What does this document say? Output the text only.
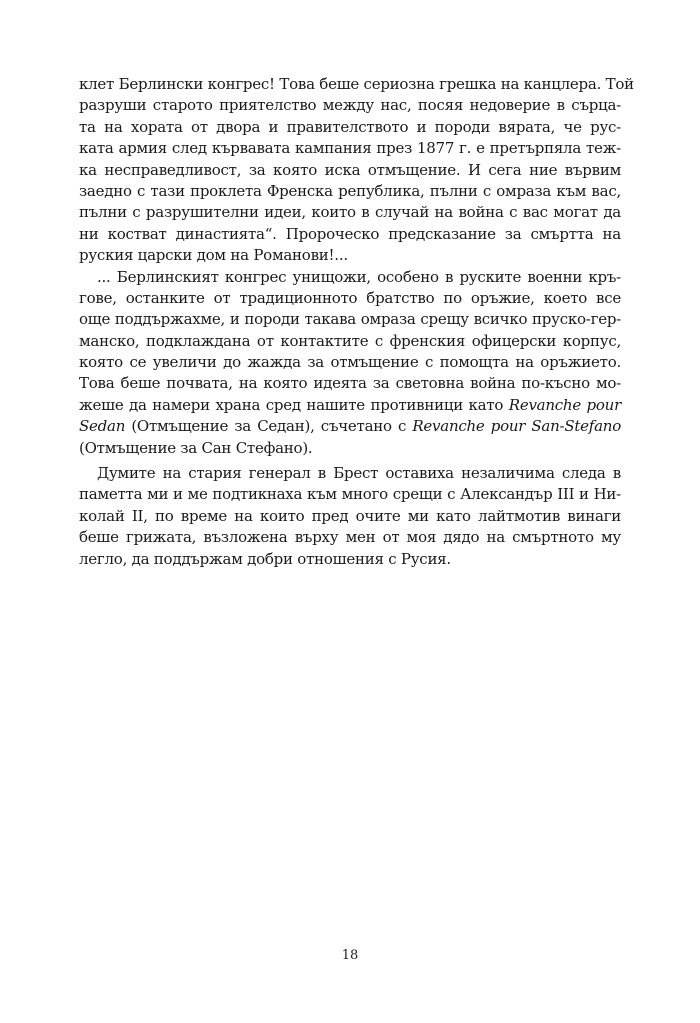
клет Берлински конгрес! Това беше сериозна грешка на канцлера. Той
разруши старото приятелство между нас, посяя недоверие в сърца-
та на хората от двора и правителството и породи вярата, че рус-
ката армия след кървавата кампания през 1877 г. е претърпяла теж-
ка несправедливост, за която иска отмъщение. И сега ние вървим
заедно с тази проклета Френска република, пълни с омраза към вас,
пълни с разрушителни идеи, които в случай на война с вас могат да
ни костват династията“. Пророческо предсказание за смъртта на
руския царски дом на Романови!...
... Берлинският конгрес унищожи, особено в руските военни кръ-
гове, останките от традиционното братство по оръжие, което все
още поддържахме, и породи такава омраза срещу всичко пруско-гер-
манско, подклаждана от контактите с френския офицерски корпус,
която се увеличи до жажда за отмъщение с помощта на оръжието.
Това беше почвата, на която идеята за световна война по-късно мо-
жеше да намери храна сред нашите противници като Revanche pour
Sedan (Отмъщение за Седан), съчетано с Revanche pour San-Stefano
(Отмъщение за Сан Стефано).
Думите на стария генерал в Брест оставиха незаличима следа в
паметта ми и ме подтикнаха към много срещи с Александър III и Ни-
колай II, по време на които пред очите ми като лайтмотив винаги
беше грижата, възложена върху мен от моя дядо на смъртното му
легло, да поддържам добри отношения с Русия.
18
